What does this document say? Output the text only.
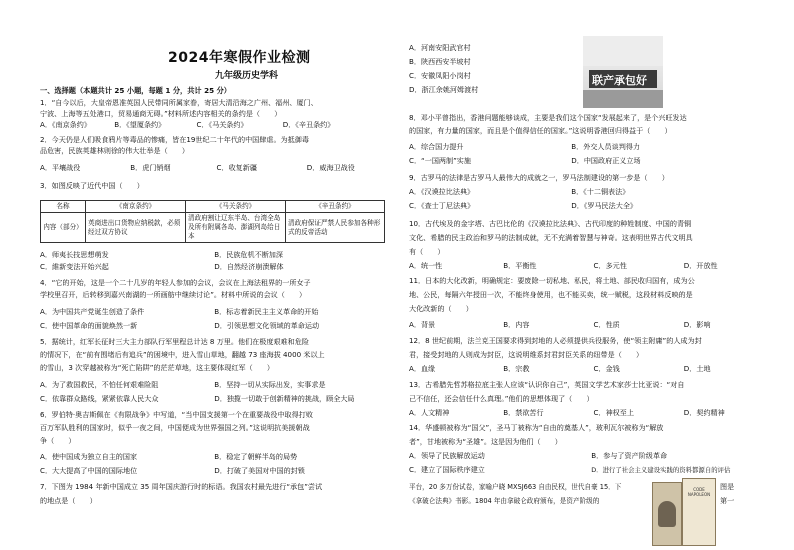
2024年寒假作业检测
九年级历史学科
一、选择题（本题共计 25 小题，每题 1 分，共计 25 分）
1．“自今以后，大皇帝恩准英国人民带同所属家眷，寄居大清沿海之广州、福州、厦门、
宁波、上海等五处港口，贸易通商无碍。”材料所述内容相关的条约是（　　）
A．《南京条约》	B．《望厦条约》	C．《马关条约》	D．《辛丑条约》
2．今天仍是人们吸食鸦片等毒品的惨痛，皆在19世纪二十年代的中国肆虐。为抵御毒
品危害，民族英雄林则徐的伟大壮举是（　　）
A．平壤战役	B．虎门销烟	C．收复新疆	D．威海卫战役
3．如图反映了近代中国（　　）
名称	《南京条约》	《马关条约》	《辛丑条约》
内容（部分）	英商进出口货物应纳税款，必须经过双方协议	清政府割让辽东半岛、台湾全岛及所有附属各岛、澎湖列岛给日本	清政府保证严禁人民参加各种形式的反帝活动
A．师夷长技思想萌发	B．民族危机不断加深
C．維新变法开始兴起	D．自然经济崩溃解体
4．“它的开始，这是一个二十几岁的年轻人参加的会议，会议在上海法租界的一所女子
学校里召开，后转移到嘉兴南湖的一所画舫中继续讨论”。材料中所说的会议（　　）
A．为中国共产党诞生创造了条件	B．标志着新民主主义革命的开始
C．使中国革命的面貌焕然一新	D．引领思想文化领域的革命运动
5．据统计，红军长征时三大主力部队行军里程总计达 8 万里。他们在极度艰难和危险
的情况下，在“前有围堵后有追兵”的困境中，进入雪山草地，翻越 73 座海拔 4000 米以上
的雪山，3 次穿越被称为“死亡陷阱”的茫茫草地，这主要体现红军（　　）
A．为了救国救民，不怕任何艰难险阻	B．坚持一切从实际出发，实事求是
C．依靠群众路线，紧紧依靠人民大众	D．独揽一切敢于创新精神的挑战，顾全大局
6．罗伯特·奥吉斯佩在《有限战争》中写道，“当中国支援第一个在重要战役中取得打败
百万军队胜利的国家时，似乎一夜之间，中国便成为世界强国之列。”这说明抗美援朝战
争（　　）
A．使中国成为独立自主的国家	B．稳定了朝鲜半岛的局势
C．大大提高了中国的国际地位	D．打破了美国对中国的封锁
7．下图为 1984 年新中国成立 35 周年国庆游行时的标语。我国农村最先进行“承包”尝试
的地点是（　　）
联产承包好
A．河南安阳武官村
B．陕西西安半坡村
C．安徽凤阳小岗村
D．浙江余姚河姆渡村
8．邓小平曾指出，香港问题能够谈成，主要是我们这个国家“发展起来了，是个兴旺发达
的国家，有力量的国家，而且是个值得信任的国家。”这说明香港回归得益于（　　）
A．综合国力提升	B．外交人员谈判得力
C．“一国两制”实施	D．中国政府正义立场
9．古罗马的法律是古罗马人最伟大的成就之一，罗马法制建设的第一步是（　　）
A．《汉谟拉比法典》	B．《十二铜表法》
C．《查士丁尼法典》	D．《罗马民法大全》
10．古代埃及的金字塔、古巴比伦的《汉谟拉比法典》、古代印度的种姓制度、中国的青铜
文化、希腊的民主政治和罗马的法制成就，无不充满着智慧与神奇。这表明世界古代文明具
有（　　）
A．统一性	B．平衡性	C．多元性	D．开放性
11．日本的大化改新，明确规定：要废除一切私地、私民，将土地、部民收归国有，成为公
地、公民，每隔六年授田一次，不能终身使用，也不能买卖，统一赋税，这段材料反映的是
大化改新的（　　）
A．背景	B．内容	C．性质	D．影响
12．8 世纪前期，法兰克王国要求得到封地的人必须提供兵役服务，使“领主附庸”的人成为封
君，接受封地的人则成为封臣，这说明维系封君封臣关系的纽带是（　　）
A．血缘	B．宗教	C．金钱	D．土地
13．古希腊先哲苏格拉底主张人应该“认识你自己”，英国文学艺术家莎士比亚说：“对自
己不信任，还会信任什么真理。”他们的思想体现了（　　）
A．人文精神	B．禁欲苦行	C．神权至上	D．契约精神
14．华盛顿被称为“国父”，圣马丁被称为“自由的奠基人”，玻利瓦尔被称为“解放
者”，甘地被称为“圣雄”。这是因为他们（　　）
A．领导了民族解放运动	B．参与了资产阶级革命
C．建立了国际秩序建立	D．进行了社会主义建设实践的资料都源自的评估
平台，20 多万份试卷，家喻户晓 MXSJ663 自由民权，世代自豪 15．下
《拿破仑法典》书影。1804 年由拿破仑政府颁布，是资产阶级的
图是
第一
CODE NAPOLEON
